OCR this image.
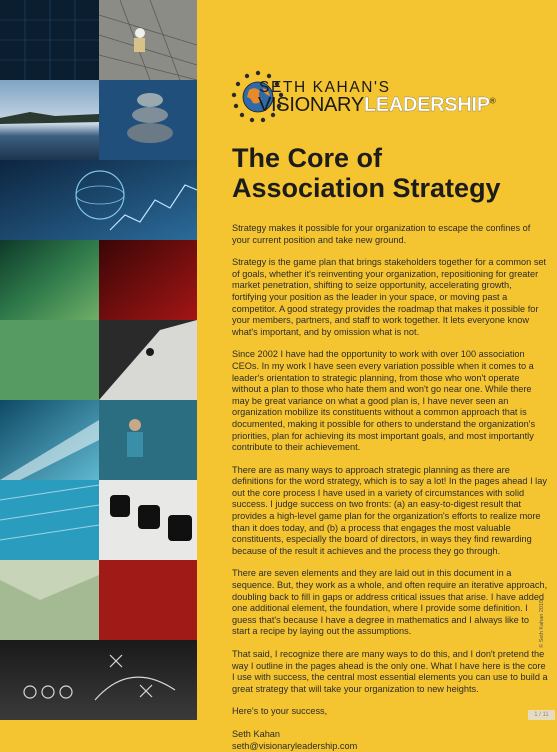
SETH KAHAN'S
VISIONARYLEADERSHIP®
The Core of
Association Strategy

Strategy makes it possible for your organization to escape the confines of your current position and take new ground.

Strategy is the game plan that brings stakeholders together for a common set of goals, whether it's reinventing your organization, repositioning for greater market penetration, shifting to seize opportunity, accelerating growth, fortifying your position as the leader in your space, or moving past a competitor. A good strategy provides the roadmap that makes it possible for your members, partners, and staff to work together. It lets everyone know what's important, and by omission what is not.

Since 2002 I have had the opportunity to work with over 100 association CEOs. In my work I have seen every variation possible when it comes to a leader's orientation to strategic planning, from those who won't operate without a plan to those who hate them and won't go near one. While there may be great variance on what a good plan is, I have never seen an organization mobilize its constituents without a common approach that is documented, making it possible for others to understand the organization's priorities, plan for achieving its most important goals, and most importantly contribute to their achievement.

There are as many ways to approach strategic planning as there are definitions for the word strategy, which is to say a lot! In the pages ahead I lay out the core process I have used in a variety of circumstances with solid success. I judge success on two fronts: (a) an easy-to-digest result that provides a high-level game plan for the organization's efforts to realize more than it does today, and (b) a process that engages the most valuable constituents, especially the board of directors, in ways they find rewarding because of the result it achieves and the process they go through.

There are seven elements and they are laid out in this document in a sequence. But, they work as a whole, and often require an iterative approach, doubling back to fill in gaps or address critical issues that arise. I have added one additional element, the foundation, where I provide some definition. I guess that's because I have a degree in mathematics and I always like to start a recipe by laying out the assumptions.

That said, I recognize there are many ways to do this, and I don't pretend the way I outline in the pages ahead is the only one. What I have here is the core I use with success, the central most essential elements you can use to build a great strategy that will take your organization to new heights.

Here's to your success,

Seth Kahan
seth@visionaryleadership.com

© Seth Kahan 2018
1 / 11
